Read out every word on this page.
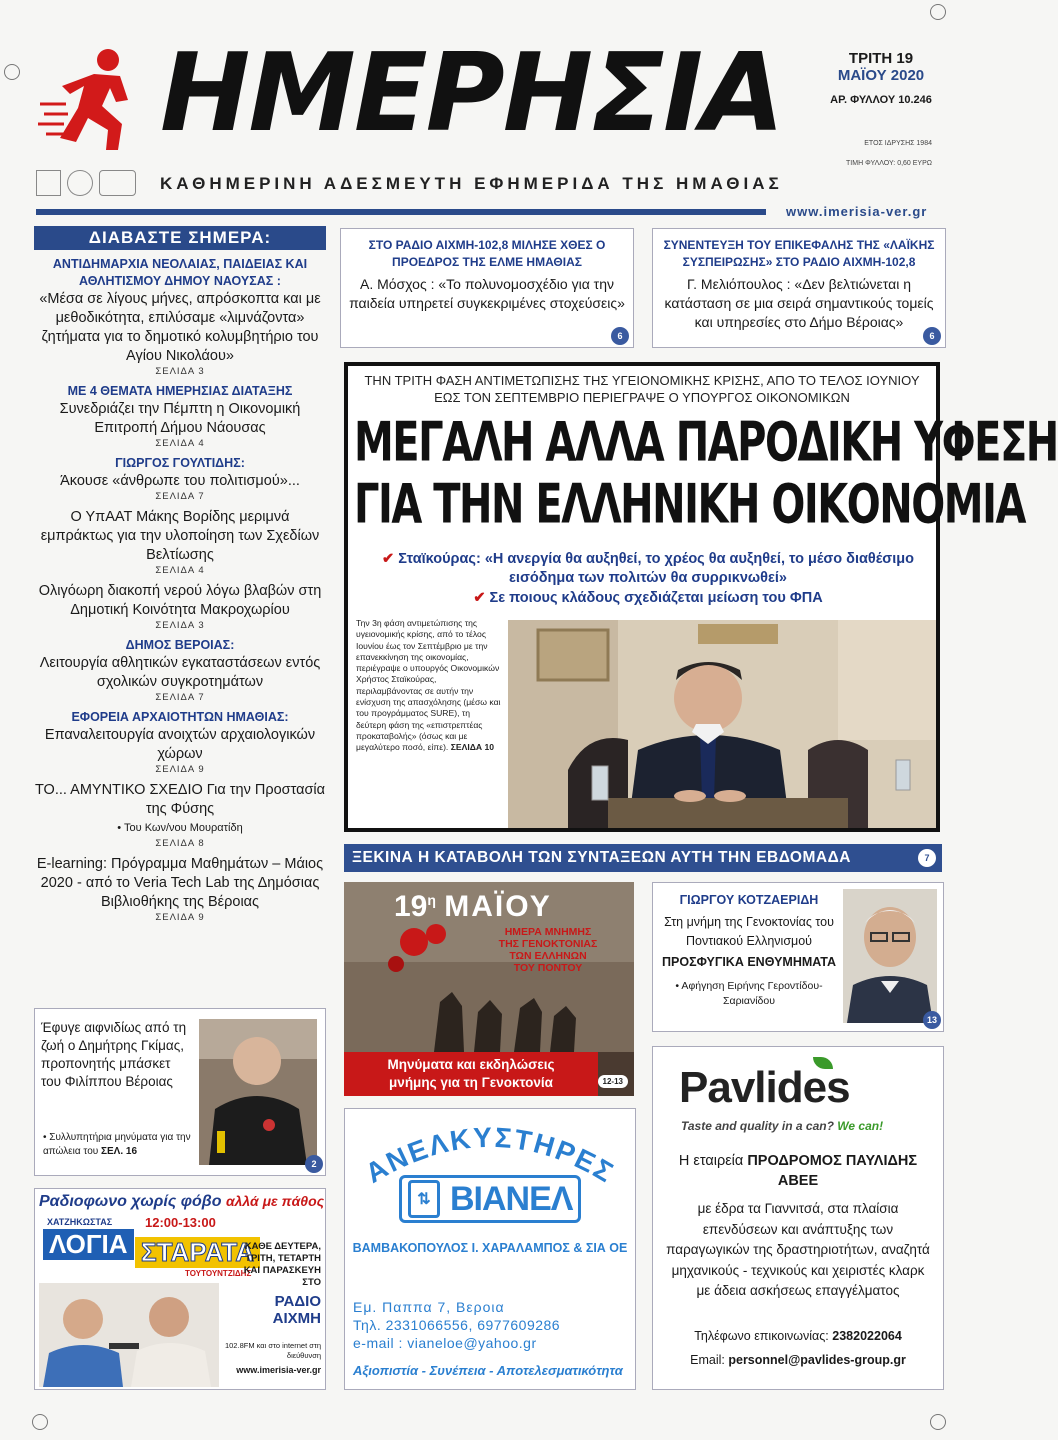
ΗΜΕΡΗΣΙΑ
ΚΑΘΗΜΕΡΙΝΗ ΑΔΕΣΜΕΥΤΗ ΕΦΗΜΕΡΙΔΑ ΤΗΣ ΗΜΑΘΙΑΣ
ΤΡΙΤΗ 19
ΜΑΪΟΥ 2020
ΑΡ. ΦΥΛΛΟΥ 10.246
ΕΤΟΣ ΙΔΡΥΣΗΣ 1984
ΤΙΜΗ ΦΥΛΛΟΥ: 0,60 ΕΥΡΩ
www.imerisia-ver.gr
ΔΙΑΒΑΣΤΕ ΣΗΜΕΡΑ:
ΑΝΤΙΔΗΜΑΡΧΙΑ ΝΕΟΛΑΙΑΣ, ΠΑΙΔΕΙΑΣ ΚΑΙ ΑΘΛΗΤΙΣΜΟΥ ΔΗΜΟΥ ΝΑΟΥΣΑΣ :
«Μέσα σε λίγους μήνες, απρόσκοπτα και με μεθοδικότητα, επιλύσαμε «λιμνάζοντα» ζητήματα για το δημοτικό κολυμβητήριο του Αγίου Νικολάου»
ΣΕΛΙΔΑ 3
ΜΕ 4 ΘΕΜΑΤΑ ΗΜΕΡΗΣΙΑΣ ΔΙΑΤΑΞΗΣ
Συνεδριάζει την Πέμπτη η Οικονομική Επιτροπή Δήμου Νάουσας
ΣΕΛΙΔΑ 4
ΓΙΩΡΓΟΣ ΓΟΥΛΤΙΔΗΣ:
Άκουσε «άνθρωπε του πολιτισμού»...
ΣΕΛΙΔΑ 7
Ο ΥπΑΑΤ Μάκης Βορίδης μεριμνά εμπράκτως για την υλοποίηση των Σχεδίων Βελτίωσης
ΣΕΛΙΔΑ 4
Ολιγόωρη διακοπή νερού λόγω βλαβών στη Δημοτική Κοινότητα Μακροχωρίου
ΣΕΛΙΔΑ 3
ΔΗΜΟΣ ΒΕΡΟΙΑΣ:
Λειτουργία αθλητικών εγκαταστάσεων εντός σχολικών συγκροτημάτων
ΣΕΛΙΔΑ 7
ΕΦΟΡΕΙΑ ΑΡΧΑΙΟΤΗΤΩΝ ΗΜΑΘΙΑΣ:
Επαναλειτουργία ανοιχτών αρχαιολογικών χώρων
ΣΕΛΙΔΑ 9
ΤΟ... ΑΜΥΝΤΙΚΟ ΣΧΕΔΙΟ Για την Προστασία της Φύσης
• Του Κων/νου Μουρατίδη
ΣΕΛΙΔΑ 8
E-learning: Πρόγραμμα Μαθημάτων – Μάιος 2020 - από το Veria Tech Lab της Δημόσιας Βιβλιοθήκης της Βέροιας
ΣΕΛΙΔΑ 9
Έφυγε αιφνιδίως από τη ζωή ο Δημήτρης Γκίμας, προπονητής μπάσκετ του Φιλίππου Βέροιας
• Συλλυπητήρια μηνύματα για την απώλεια του ΣΕΛ. 16
2
Ραδιοφωνο χωρίς φόβο αλλά με πάθος
ΧΑΤΖΗΚΩΣΤΑΣ	12:00-13:00
ΛΟΓΙΑ ΣΤΑΡΑΤΑ
ΤΟΥΤΟΥΝΤΖΙΔΗΣ
ΚΑΘΕ ΔΕΥΤΕΡΑ, ΤΡΙΤΗ, ΤΕΤΑΡΤΗ ΚΑΙ ΠΑΡΑΣΚΕΥΗ ΣΤΟ
ΡΑΔΙΟ ΑΙΧΜΗ
102.8FM και στο internet στη διεύθυνση
www.imerisia-ver.gr
ΣΤΟ ΡΑΔΙΟ ΑΙΧΜΗ-102,8 ΜΙΛΗΣΕ ΧΘΕΣ Ο ΠΡΟΕΔΡΟΣ ΤΗΣ ΕΛΜΕ ΗΜΑΘΙΑΣ
Α. Μόσχος : «Το πολυνομοσχέδιο για την παιδεία υπηρετεί συγκεκριμένες στοχεύσεις»
6
ΣΥΝΕΝΤΕΥΞΗ ΤΟΥ ΕΠΙΚΕΦΑΛΗΣ ΤΗΣ «ΛΑΪΚΗΣ ΣΥΣΠΕΙΡΩΣΗΣ» ΣΤΟ ΡΑΔΙΟ ΑΙΧΜΗ-102,8
Γ. Μελιόπουλος : «Δεν βελτιώνεται η κατάσταση σε μια σειρά σημαντικούς τομείς και υπηρεσίες στο Δήμο Βέροιας»
6
ΤΗΝ ΤΡΙΤΗ ΦΑΣΗ ΑΝΤΙΜΕΤΩΠΙΣΗΣ ΤΗΣ ΥΓΕΙΟΝΟΜΙΚΗΣ ΚΡΙΣΗΣ, ΑΠΟ ΤΟ ΤΕΛΟΣ ΙΟΥΝΙΟΥ ΕΩΣ ΤΟΝ ΣΕΠΤΕΜΒΡΙΟ ΠΕΡΙΕΓΡΑΨΕ Ο ΥΠΟΥΡΓΟΣ ΟΙΚΟΝΟΜΙΚΩΝ
ΜΕΓΑΛΗ ΑΛΛΑ ΠΑΡΟΔΙΚΗ ΥΦΕΣΗ
ΓΙΑ ΤΗΝ ΕΛΛΗΝΙΚΗ ΟΙΚΟΝΟΜΙΑ
✔ Σταϊκούρας: «Η ανεργία θα αυξηθεί, το χρέος θα αυξηθεί, το μέσο διαθέσιμο εισόδημα των πολιτών θα συρρικνωθεί»
✔ Σε ποιους κλάδους σχεδιάζεται μείωση του ΦΠΑ
Την 3η φάση αντιμετώπισης της υγειονομικής κρίσης, από το τέλος Ιουνίου έως τον Σεπτέμβριο με την επανεκκίνηση της οικονομίας, περιέγραψε ο υπουργός Οικονομικών Χρήστος Σταϊκούρας, περιλαμβάνοντας σε αυτήν την ενίσχυση της απασχόλησης (μέσω και του προγράμματος SURE), τη δεύτερη φάση της «επιστρεπτέας προκαταβολής» (όσως και με μεγαλύτερο ποσό, είπε). ΣΕΛΙΔΑ 10
ΞΕΚΙΝΑ Η ΚΑΤΑΒΟΛΗ ΤΩΝ ΣΥΝΤΑΞΕΩΝ ΑΥΤΗ ΤΗΝ ΕΒΔΟΜΑΔΑ	7
$19^\eta$ ΜΑΪΟΥ
ΗΜΕΡΑ ΜΝΗΜΗΣ
ΤΗΣ ΓΕΝΟΚΤΟΝΙΑΣ
ΤΩΝ ΕΛΛΗΝΩΝ
ΤΟΥ ΠΟΝΤΟΥ
Μηνύματα και εκδηλώσεις μνήμης για τη Γενοκτονία	12-13
ΓΙΩΡΓΟΥ ΚΟΤΖΑΕΡΙΔΗ
Στη μνήμη της Γενοκτονίας του Ποντιακού Ελληνισμού
ΠΡΟΣΦΥΓΙΚΑ ΕΝΘΥΜΗΜΑΤΑ
• Αφήγηση Ειρήνης Γεροντίδου-Σαριανίδου
13
ΑΝΕΛΚΥΣΤΗΡΕΣ
⇅ ΒΙΑΝΕΛ
ΒΑΜΒΑΚΟΠΟΥΛΟΣ Ι. ΧΑΡΑΛΑΜΠΟΣ & ΣΙΑ ΟΕ
Εμ. Παππα 7, Βεροια
Τηλ. 2331066556, 6977609286
e-mail : vianeloe@yahoo.gr
Αξιοπιστία - Συνέπεια - Αποτελεσματικότητα
Pavlides
Taste and quality in a can? We can!
Η εταιρεία ΠΡΟΔΡΟΜΟΣ ΠΑΥΛΙΔΗΣ ΑΒΕΕ
με έδρα τα Γιαννιτσά, στα πλαίσια επενδύσεων και ανάπτυξης των παραγωγικών της δραστηριοτήτων, αναζητά μηχανικούς - τεχνικούς και χειριστές κλαρκ με άδεια ασκήσεως επαγγέλματος
Τηλέφωνο επικοινωνίας: 2382022064
Email: personnel@pavlides-group.gr
